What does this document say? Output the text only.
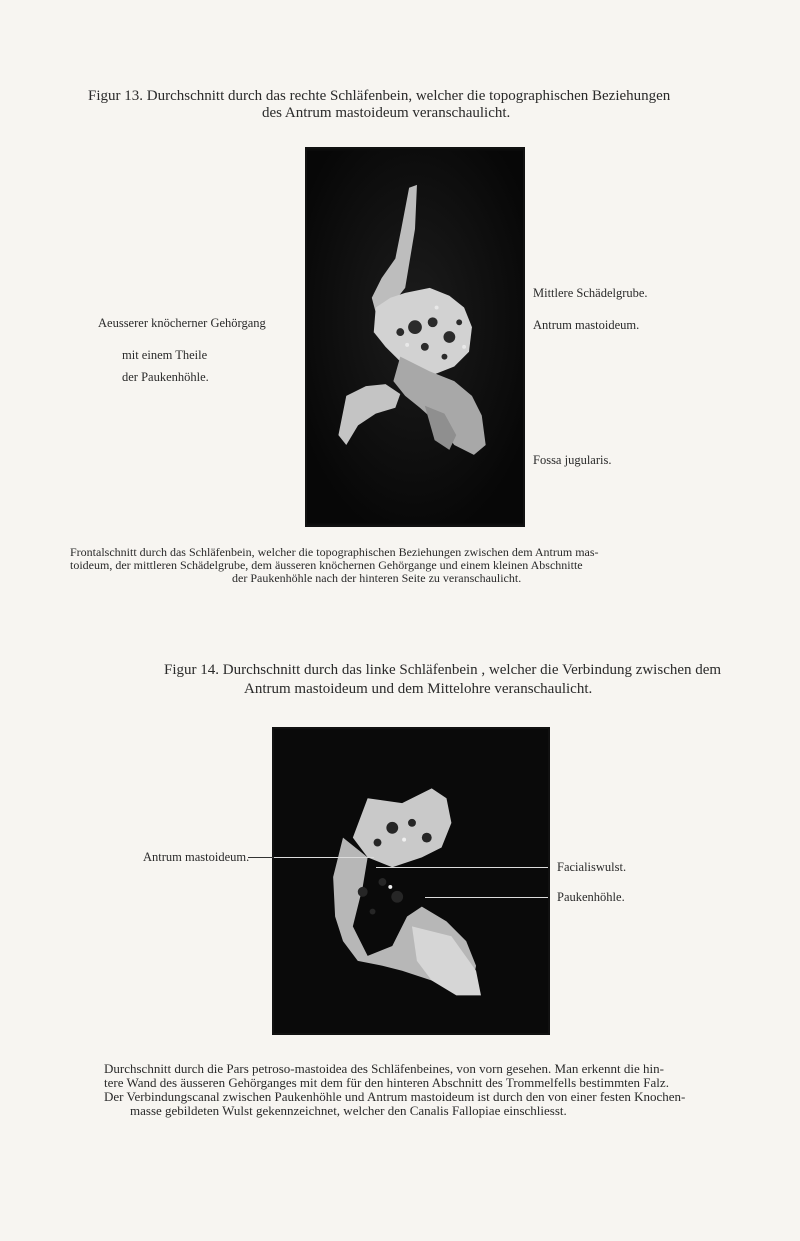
Figur 13. Durchschnitt durch das rechte Schläfenbein, welcher die topographischen Beziehungen
des Antrum mastoideum veranschaulicht.
Aeusserer knöcherner Gehörgang
mit einem Theile
der Paukenhöhle.
Mittlere Schädelgrube.
Antrum mastoideum.
Fossa jugularis.
Frontalschnitt durch das Schläfenbein, welcher die topographischen Beziehungen zwischen dem Antrum mas-
toideum, der mittleren Schädelgrube, dem äusseren knöchernen Gehörgange und einem kleinen Abschnitte
der Paukenhöhle nach der hinteren Seite zu veranschaulicht.
Figur 14. Durchschnitt durch das linke Schläfenbein , welcher die Verbindung zwischen dem
Antrum mastoideum und dem Mittelohre veranschaulicht.
Antrum mastoideum.
Facialiswulst.
Paukenhöhle.
Durchschnitt durch die Pars petroso-mastoidea des Schläfenbeines, von vorn gesehen. Man erkennt die hin-
tere Wand des äusseren Gehörganges mit dem für den hinteren Abschnitt des Trommelfells bestimmten Falz.
Der Verbindungscanal zwischen Paukenhöhle und Antrum mastoideum ist durch den von einer festen Knochen-
masse gebildeten Wulst gekennzeichnet, welcher den Canalis Fallopiae einschliesst.
